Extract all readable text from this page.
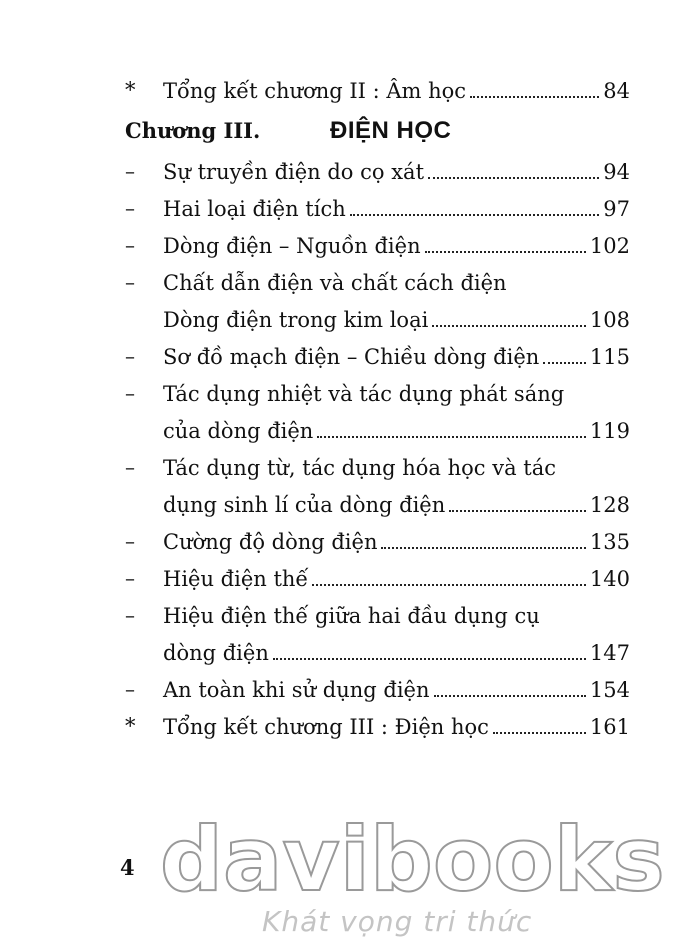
*	Tổng kết chương II : Âm học	84
Chương III.	ĐIỆN HỌC
–	Sự truyền điện do cọ xát	94
–	Hai loại điện tích	97
–	Dòng điện – Nguồn điện	102
–	Chất dẫn điện và chất cách điện
Dòng điện trong kim loại	108
–	Sơ đồ mạch điện – Chiều dòng điện 115
–	Tác dụng nhiệt và tác dụng phát sáng
của dòng điện	119
–	Tác dụng từ, tác dụng hóa học và tác
dụng sinh lí của dòng điện	128
–	Cường độ dòng điện	135
–	Hiệu điện thế	140
–	Hiệu điện thế giữa hai đầu dụng cụ
dòng điện	147
–	An toàn khi sử dụng điện	154
*	Tổng kết chương III : Điện học	161
4 davibooks
Khát vọng tri thức
